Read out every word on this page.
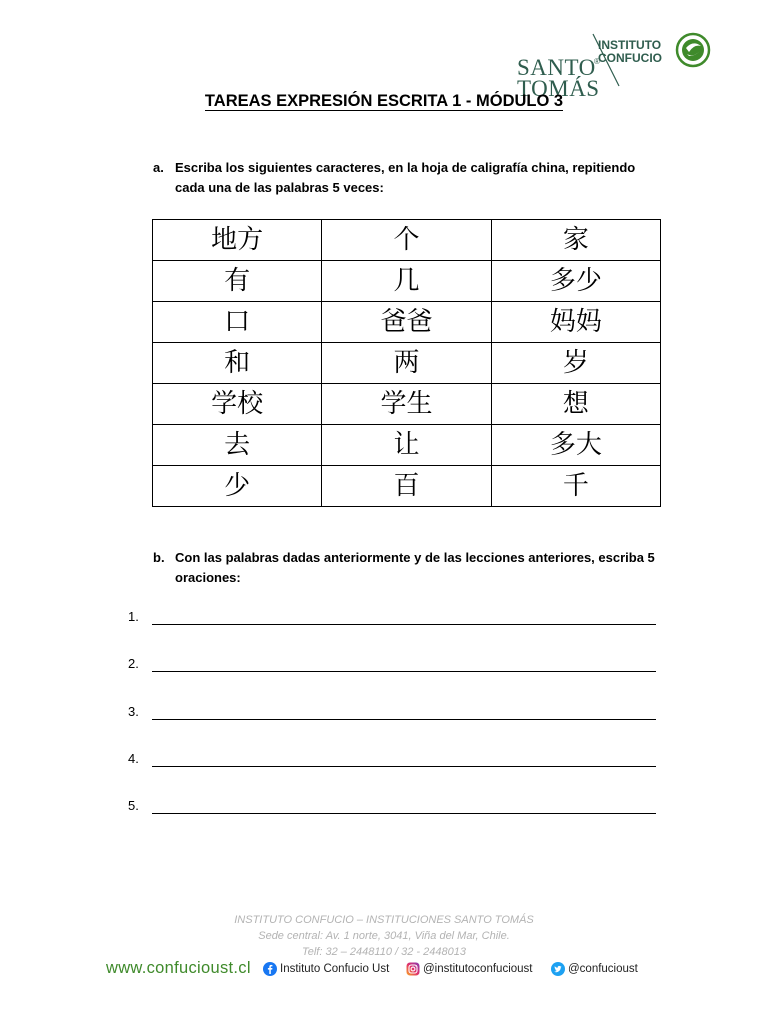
INSTITUTO
CONFUCIO
SANTO
®
TOMÁS
TAREAS EXPRESIÓN ESCRITA 1 - MÓDULO 3
a. Escriba los siguientes caracteres, en la hoja de caligrafía china, repitiendo cada una de las palabras 5 veces:
地方	个	家
有	几	多少
口	爸爸	妈妈
和	两	岁
学校	学生	想
去	让	多大
少	百	千
b. Con las palabras dadas anteriormente y de las lecciones anteriores, escriba 5 oraciones:
1.
2.
3.
4.
5.
INSTITUTO CONFUCIO – INSTITUCIONES SANTO TOMÁS
Sede central: Av. 1 norte, 3041, Viña del Mar, Chile.
Telf: 32 – 2448110 / 32 - 2448013
www.confucioust.cl	Instituto Confucio Ust	@institutoconfucioust	@confucioust
